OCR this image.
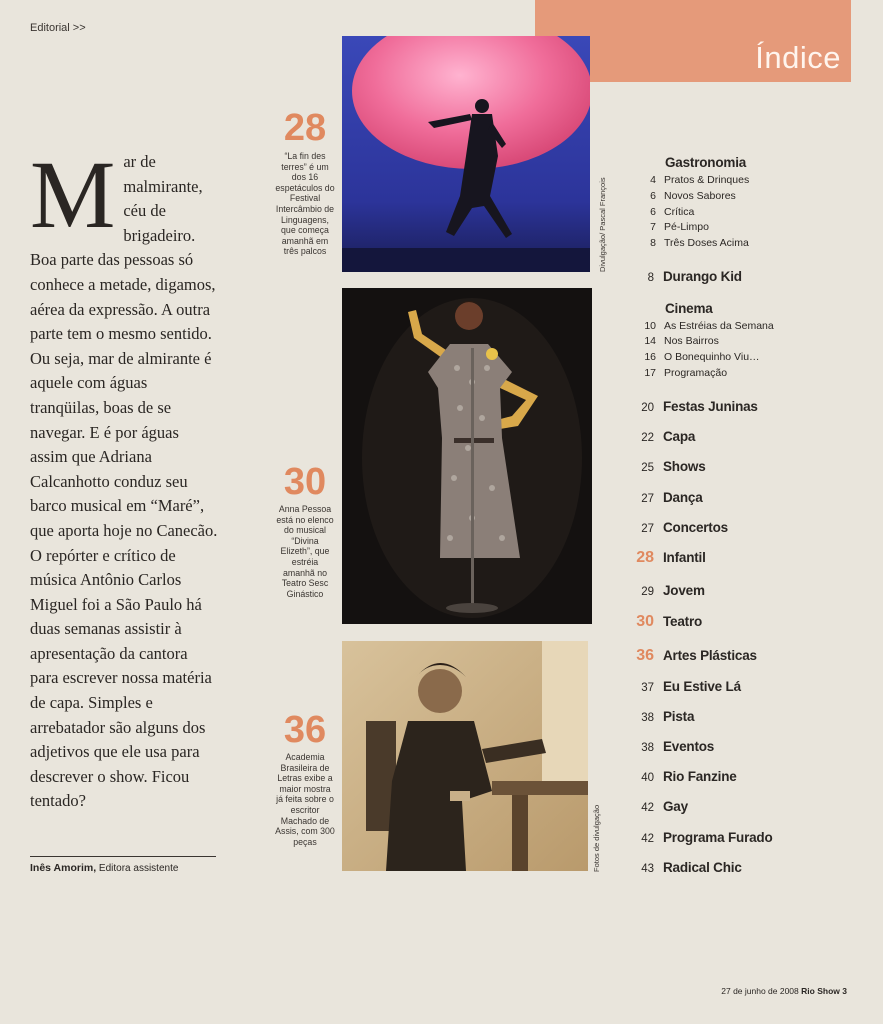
Editorial >>
Índice
Mar de malmirante, céu de brigadeiro. Boa parte das pessoas só conhece a metade, digamos, aérea da expressão. A outra parte tem o mesmo sentido. Ou seja, mar de almirante é aquele com águas tranqüilas, boas de se navegar. E é por águas assim que Adriana Calcanhotto conduz seu barco musical em “Maré”, que aporta hoje no Canecão. O repórter e crítico de música Antônio Carlos Miguel foi a São Paulo há duas semanas assistir à apresentação da cantora para escrever nossa matéria de capa. Simples e arrebatador são alguns dos adjetivos que ele usa para descrever o show. Ficou tentado?
Inês Amorim, Editora assistente
28
“La fin des terres” é um dos 16 espetáculos do Festival Intercâmbio de Linguagens, que começa amanhã em três palcos
30
Anna Pessoa está no elenco do musical “Divina Elizeth”, que estréia amanhã no Teatro Sesc Ginástico
36
Academia Brasileira de Letras exibe a maior mostra já feita sobre o escritor Machado de Assis, com 300 peças
Divulgação/ Pascal François
Fotos de divulgação
Gastronomia
4 Pratos & Drinques
6 Novos Sabores
6 Crítica
7 Pé-Limpo
8 Três Doses Acima
8 Durango Kid
Cinema
10 As Estréias da Semana
14 Nos Bairros
16 O Bonequinho Viu…
17 Programação
20 Festas Juninas
22 Capa
25 Shows
27 Dança
27 Concertos
28 Infantil
29 Jovem
30 Teatro
36 Artes Plásticas
37 Eu Estive Lá
38 Pista
38 Eventos
40 Rio Fanzine
42 Gay
42 Programa Furado
43 Radical Chic
27 de junho de 2008 Rio Show 3
